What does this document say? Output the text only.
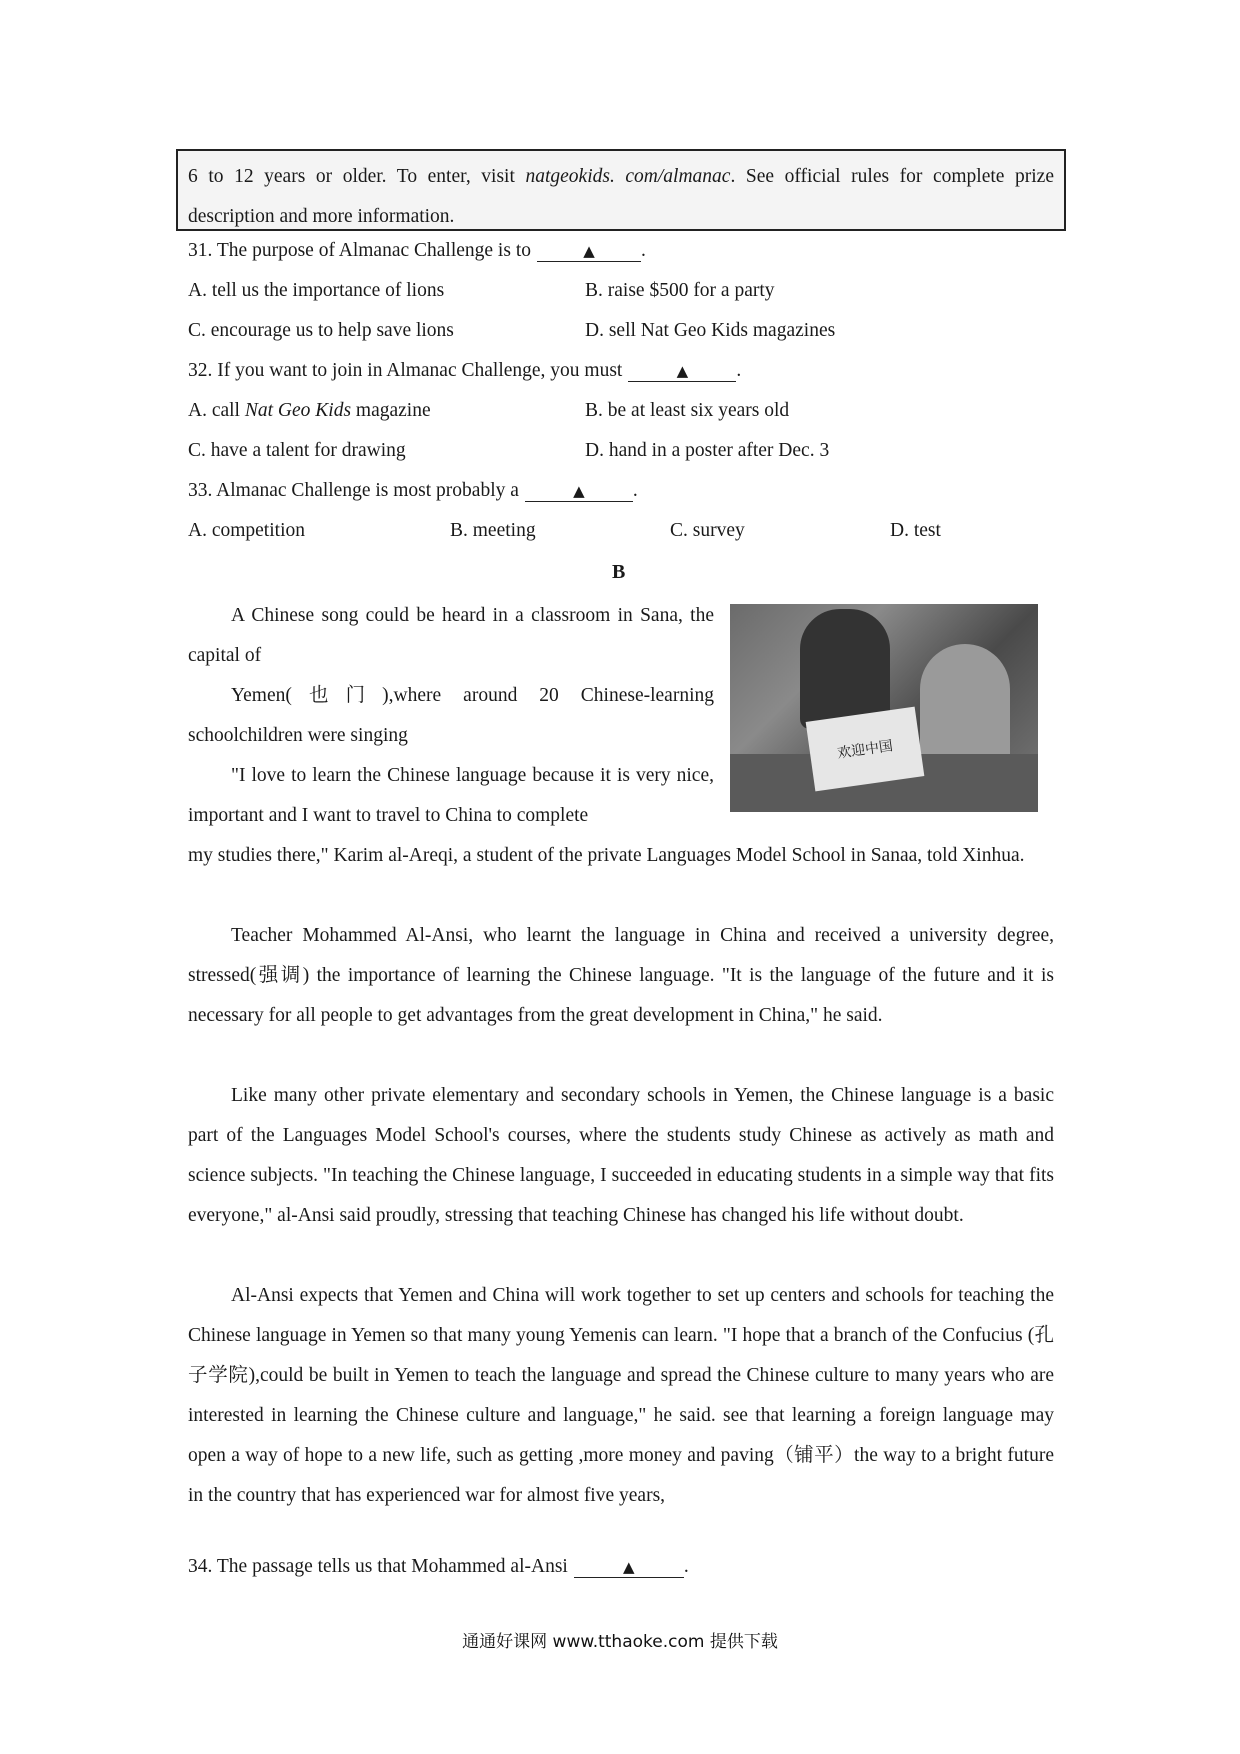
6 to 12 years or older. To enter, visit natgeokids. com/almanac. See official rules for complete prize description and more information.
31. The purpose of Almanac Challenge is to	▲ .
A. tell us the importance of lions	B. raise $500 for a party
C. encourage us to help save lions	D. sell Nat Geo Kids magazines
32. If you want to join in Almanac Challenge, you must	▲ .
A. call Nat Geo Kids magazine	B. be at least six years old
C. have a talent for drawing	D. hand in a poster after Dec. 3
33. Almanac Challenge is most probably a	▲ .
A. competition	B. meeting	C. survey	D. test
B
欢迎中国

A Chinese song could be heard in a classroom in Sana, the capital of

Yemen(也门),where around 20 Chinese-learning schoolchildren were singing

"I love to learn the Chinese language because it is very nice, important and I want to travel to China to complete

my studies there," Karim al-Areqi, a student of the private Languages Model School in Sanaa, told Xinhua.

Teacher Mohammed Al-Ansi, who learnt the language in China and received a university degree, stressed(强调) the importance of learning the Chinese language. "It is the language of the future and it is necessary for all people to get advantages from the great development in China," he said.

Like many other private elementary and secondary schools in Yemen, the Chinese language is a basic part of the Languages Model School's courses, where the students study Chinese as actively as math and science subjects. "In teaching the Chinese language, I succeeded in educating students in a simple way that fits everyone," al-Ansi said proudly, stressing that teaching Chinese has changed his life without doubt.

Al-Ansi expects that Yemen and China will work together to set up centers and schools for teaching the Chinese language in Yemen so that many young Yemenis can learn. "I hope that a branch of the Confucius (孔子学院),could be built in Yemen to teach the language and spread the Chinese culture to many years who are interested in learning the Chinese culture and language," he said. see that learning a foreign language may open a way of hope to a new life, such as getting ,more money and paving（铺平）the way to a bright future in the country that has experienced war for almost five years,

34. The passage tells us that Mohammed al-Ansi	▲	.
通通好课网 www.tthaoke.com 提供下载
